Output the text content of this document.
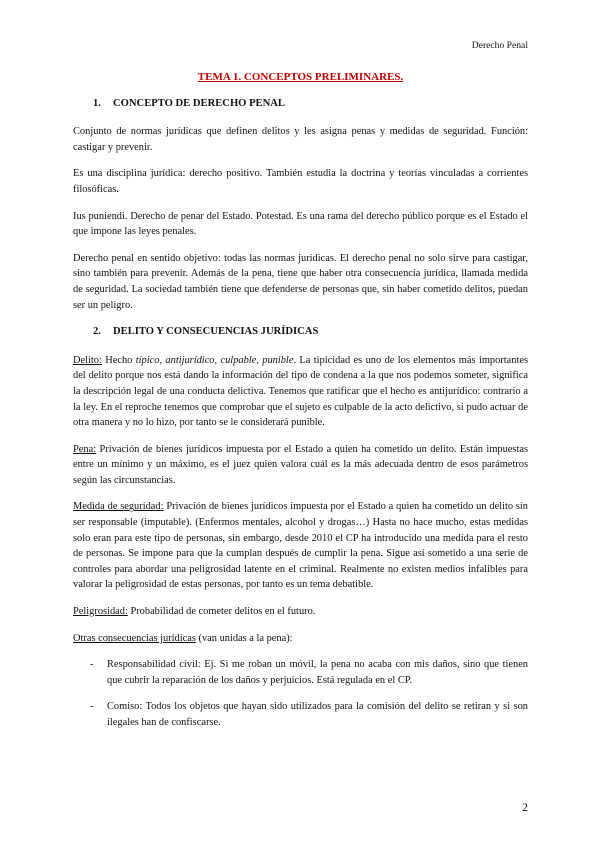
Derecho Penal
TEMA 1. CONCEPTOS PRELIMINARES.
1. CONCEPTO DE DERECHO PENAL

Conjunto de normas jurídicas que definen delitos y les asigna penas y medidas de seguridad. Función: castigar y prevenir.

Es una disciplina jurídica: derecho positivo. También estudia la doctrina y teorías vinculadas a corrientes filosóficas.

Ius puniendi. Derecho de penar del Estado. Potestad. Es una rama del derecho público porque es el Estado el que impone las leyes penales.

Derecho penal en sentido objetivo: todas las normas jurídicas. El derecho penal no solo sirve para castigar, sino también para prevenir. Además de la pena, tiene que haber otra consecuencia jurídica, llamada medida de seguridad. La sociedad también tiene que defenderse de personas que, sin haber cometido delitos, puedan ser un peligro.

2. DELITO Y CONSECUENCIAS JURÍDICAS

Delito: Hecho típico, antijurídico, culpable, punible. La tipicidad es uno de los elementos más importantes del delito porque nos está dando la información del tipo de condena a la que nos podemos someter, significa la descripción legal de una conducta delictiva. Tenemos que ratificar que el hecho es antijurídico: contrario a la ley. En el reproche tenemos que comprobar que el sujeto es culpable de la acto delictivo, si pudo actuar de otra manera y no lo hizo, por tanto se le considerará punible.

Pena: Privación de bienes jurídicos impuesta por el Estado a quien ha cometido un delito. Están impuestas entre un mínimo y un máximo, es el juez quien valora cuál es la más adecuada dentro de esos parámetros según las circunstancias.

Medida de seguridad: Privación de bienes jurídicos impuesta por el Estado a quien ha cometido un delito sin ser responsable (imputable). (Enfermos mentales, alcohol y drogas…) Hasta no hace mucho, estas medidas solo eran para este tipo de personas, sin embargo, desde 2010 el CP ha introducido una medida para el resto de personas. Se impone para que la cumplan después de cumplir la pena. Sigue así sometido a una serie de controles para abordar una peligrosidad latente en el criminal. Realmente no existen medios infalibles para valorar la peligrosidad de estas personas, por tanto es un tema debatible.

Peligrosidad: Probabilidad de cometer delitos en el futuro.

Otras consecuencias jurídicas (van unidas a la pena):

- Responsabilidad civil: Ej. Si me roban un móvil, la pena no acaba con mis daños, sino que tienen que cubrir la reparación de los daños y perjuicios. Está regulada en el CP.
- Comiso: Todos los objetos que hayan sido utilizados para la comisión del delito se retiran y si son ilegales han de confiscarse.
2
